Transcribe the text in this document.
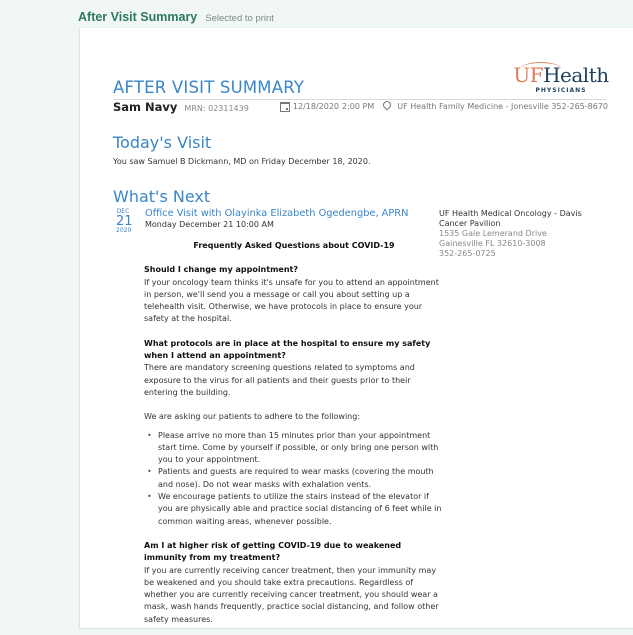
After Visit Summary Selected to print
AFTER VISIT SUMMARY
UFHealth
PHYSICIANS
Sam Navy MRN: 02311439	12/18/2020 2:00 PM	UF Health Family Medicine - Jonesville 352-265-8670
Today's Visit
You saw Samuel B Dickmann, MD on Friday December 18, 2020.
What's Next
DEC
21
2020
Office Visit with Olayinka Elizabeth Ogedengbe, APRN
Monday December 21 10:00 AM
UF Health Medical Oncology - Davis Cancer Pavilion
1535 Gale Lemerand Drive
Gainesville FL 32610-3008
352-265-0725
Frequently Asked Questions about COVID-19
Should I change my appointment?

If your oncology team thinks it's unsafe for you to attend an appointment in person, we'll send you a message or call you about setting up a telehealth visit. Otherwise, we have protocols in place to ensure your safety at the hospital.

What protocols are in place at the hospital to ensure my safety when I attend an appointment?

There are mandatory screening questions related to symptoms and exposure to the virus for all patients and their guests prior to their entering the building.

We are asking our patients to adhere to the following:

• Please arrive no more than 15 minutes prior than your appointment start time. Come by yourself if possible, or only bring one person with you to your appointment.
• Patients and guests are required to wear masks (covering the mouth and nose). Do not wear masks with exhalation vents.
• We encourage patients to utilize the stairs instead of the elevator if you are physically able and practice social distancing of 6 feet while in common waiting areas, whenever possible.
Am I at higher risk of getting COVID-19 due to weakened immunity from my treatment?

If you are currently receiving cancer treatment, then your immunity may be weakened and you should take extra precautions. Regardless of whether you are currently receiving cancer treatment, you should wear a mask, wash hands frequently, practice social distancing, and follow other safety measures.
